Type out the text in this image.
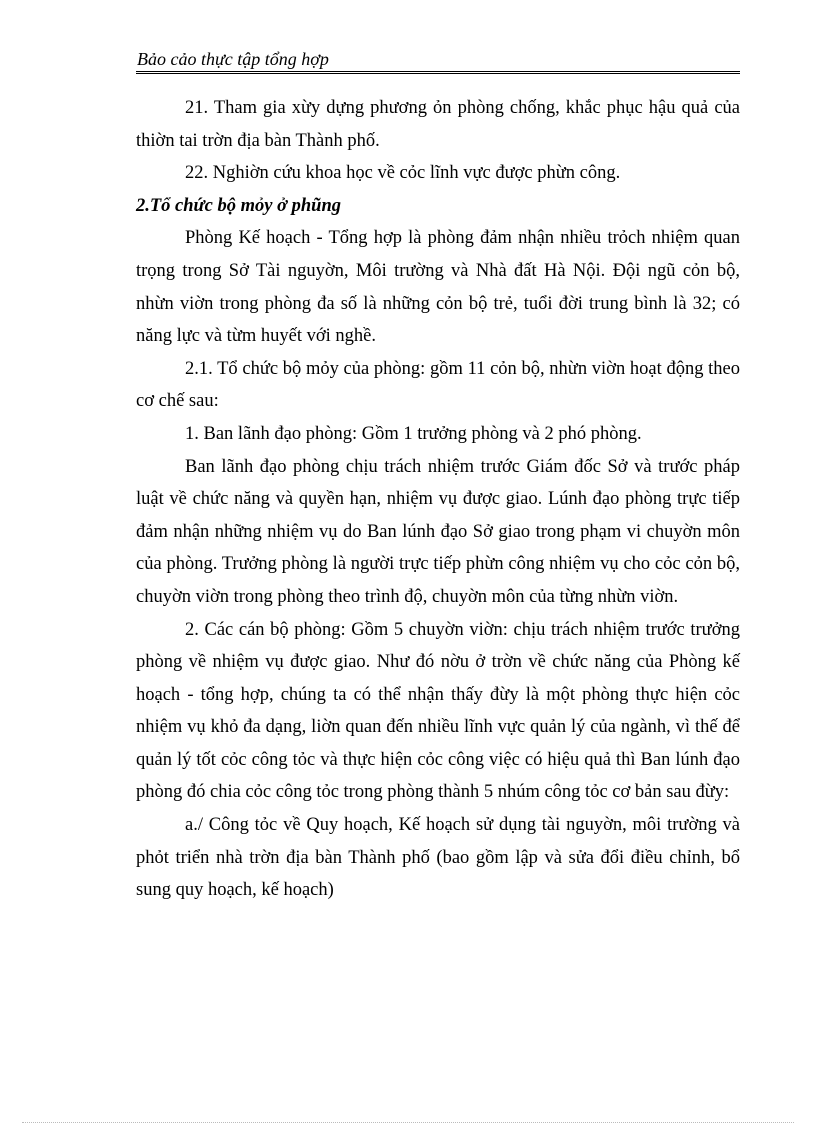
Bảo cảo thực tập tổng hợp

21. Tham gia xừy dựng phương ỏn phòng chống, khắc phục hậu quả của thiờn tai trờn địa bàn Thành phố.

22. Nghiờn cứu khoa học về cỏc lĩnh vực được phừn công.

2.Tổ chức bộ mỏy ở phũng

Phòng Kế hoạch - Tổng hợp là phòng đảm nhận nhiều trỏch nhiệm quan trọng trong Sở Tài nguyờn, Môi trường và Nhà đất Hà Nội. Đội ngũ cỏn bộ, nhừn viờn trong phòng đa số là những cỏn bộ trẻ, tuổi đời trung bình là 32; có năng lực và từm huyết với nghề.

2.1. Tổ chức bộ mỏy của phòng: gồm 11 cỏn bộ, nhừn viờn hoạt động theo cơ chế sau:

1. Ban lãnh đạo phòng: Gồm 1 trưởng phòng và 2 phó phòng.

Ban lãnh đạo phòng chịu trách nhiệm trước Giám đốc Sở và trước pháp luật về chức năng và quyền hạn, nhiệm vụ được giao. Lúnh đạo phòng trực tiếp đảm nhận những nhiệm vụ do Ban lúnh đạo Sở giao trong phạm vi chuyờn môn của phòng. Trưởng phòng là người trực tiếp phừn công nhiệm vụ cho cỏc cỏn bộ, chuyờn viờn trong phòng theo trình độ, chuyờn môn của từng nhừn viờn.

2. Các cán bộ phòng: Gồm 5 chuyờn viờn: chịu trách nhiệm trước trưởng phòng về nhiệm vụ được giao. Như đó nờu ở trờn về chức năng của Phòng kế hoạch - tổng hợp, chúng ta có thể nhận thấy đừy là một phòng thực hiện cỏc nhiệm vụ khỏ đa dạng, liờn quan đến nhiều lĩnh vực quản lý của ngành, vì thế để quản lý tốt cỏc công tỏc và thực hiện cỏc công việc có hiệu quả thì Ban lúnh đạo phòng đó chia cỏc công tỏc trong phòng thành 5 nhúm công tỏc cơ bản sau đừy:

a./ Công tỏc về Quy hoạch, Kế hoạch sử dụng tài nguyờn, môi trường và phỏt triển nhà trờn địa bàn Thành phố (bao gồm lập và sửa đổi điều chỉnh, bổ sung quy hoạch, kế hoạch)
